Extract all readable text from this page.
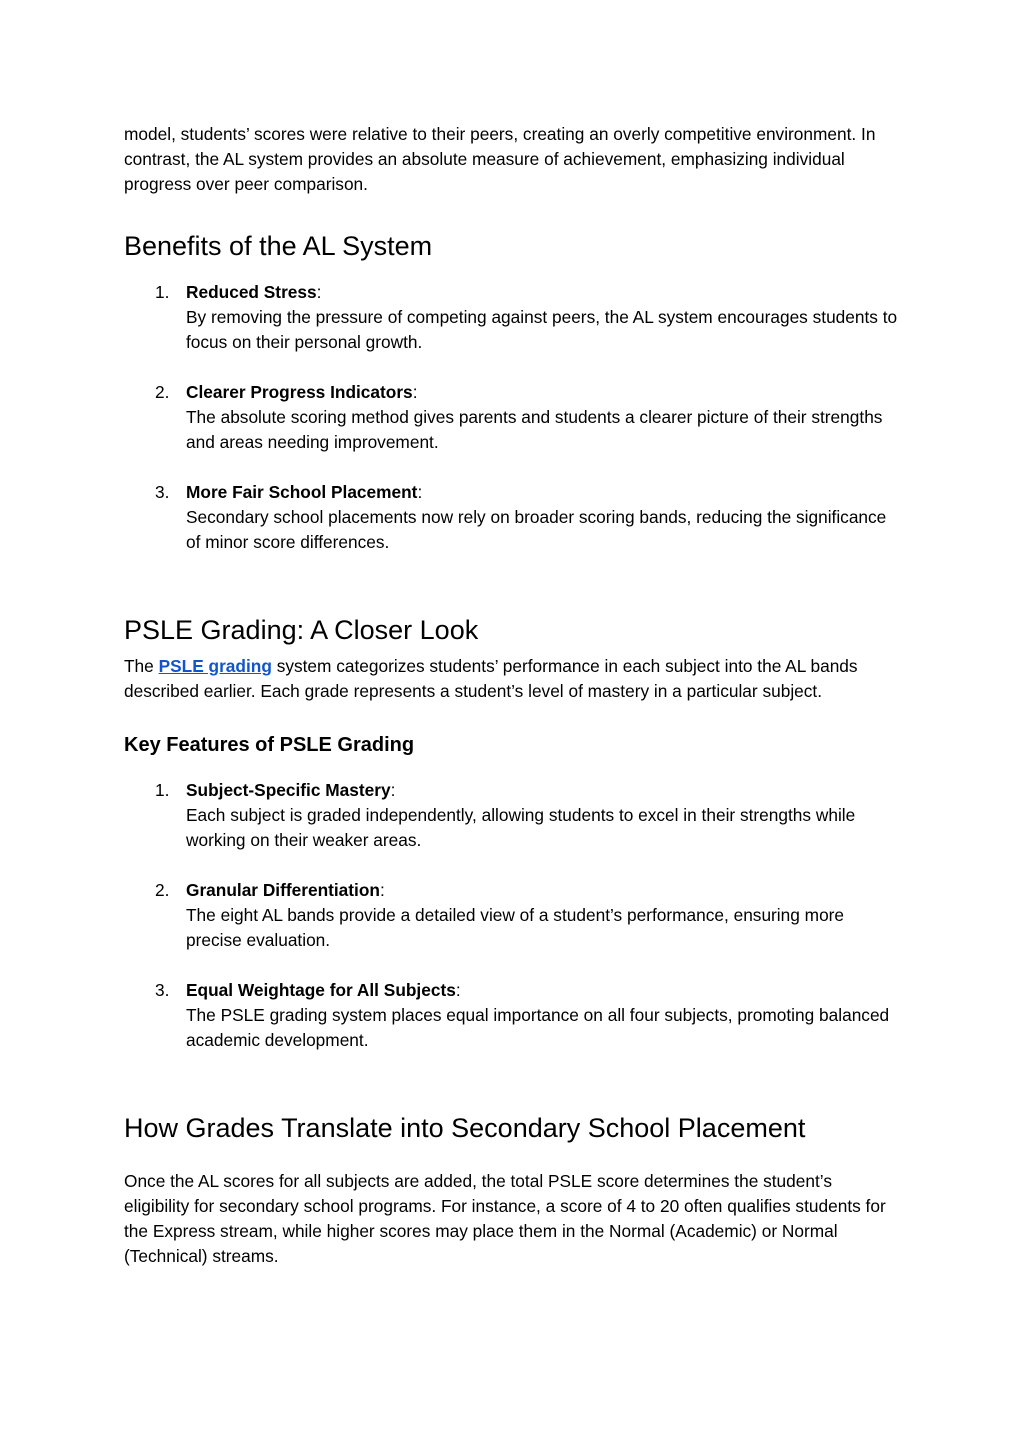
model, students’ scores were relative to their peers, creating an overly competitive environment. In contrast, the AL system provides an absolute measure of achievement, emphasizing individual progress over peer comparison.

Benefits of the AL System
1. Reduced Stress:
By removing the pressure of competing against peers, the AL system encourages students to focus on their personal growth.
2. Clearer Progress Indicators:
The absolute scoring method gives parents and students a clearer picture of their strengths and areas needing improvement.
3. More Fair School Placement:
Secondary school placements now rely on broader scoring bands, reducing the significance of minor score differences.
PSLE Grading: A Closer Look

The PSLE grading system categorizes students’ performance in each subject into the AL bands described earlier. Each grade represents a student’s level of mastery in a particular subject.

Key Features of PSLE Grading
1. Subject-Specific Mastery:
Each subject is graded independently, allowing students to excel in their strengths while working on their weaker areas.
2. Granular Differentiation:
The eight AL bands provide a detailed view of a student’s performance, ensuring more precise evaluation.
3. Equal Weightage for All Subjects:
The PSLE grading system places equal importance on all four subjects, promoting balanced academic development.
How Grades Translate into Secondary School Placement

Once the AL scores for all subjects are added, the total PSLE score determines the student’s eligibility for secondary school programs. For instance, a score of 4 to 20 often qualifies students for the Express stream, while higher scores may place them in the Normal (Academic) or Normal (Technical) streams.
